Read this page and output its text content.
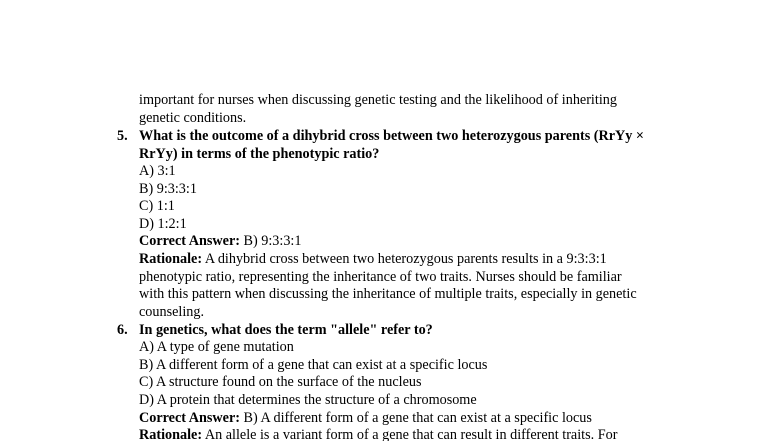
important for nurses when discussing genetic testing and the likelihood of inheriting
genetic conditions.
5. What is the outcome of a dihybrid cross between two heterozygous parents (RrYy ×
RrYy) in terms of the phenotypic ratio?
A) 3:1
B) 9:3:3:1
C) 1:1
D) 1:2:1
Correct Answer: B) 9:3:3:1
Rationale: A dihybrid cross between two heterozygous parents results in a 9:3:3:1
phenotypic ratio, representing the inheritance of two traits. Nurses should be familiar
with this pattern when discussing the inheritance of multiple traits, especially in genetic
counseling.
6. In genetics, what does the term "allele" refer to?
A) A type of gene mutation
B) A different form of a gene that can exist at a specific locus
C) A structure found on the surface of the nucleus
D) A protein that determines the structure of a chromosome
Correct Answer: B) A different form of a gene that can exist at a specific locus
Rationale: An allele is a variant form of a gene that can result in different traits. For
